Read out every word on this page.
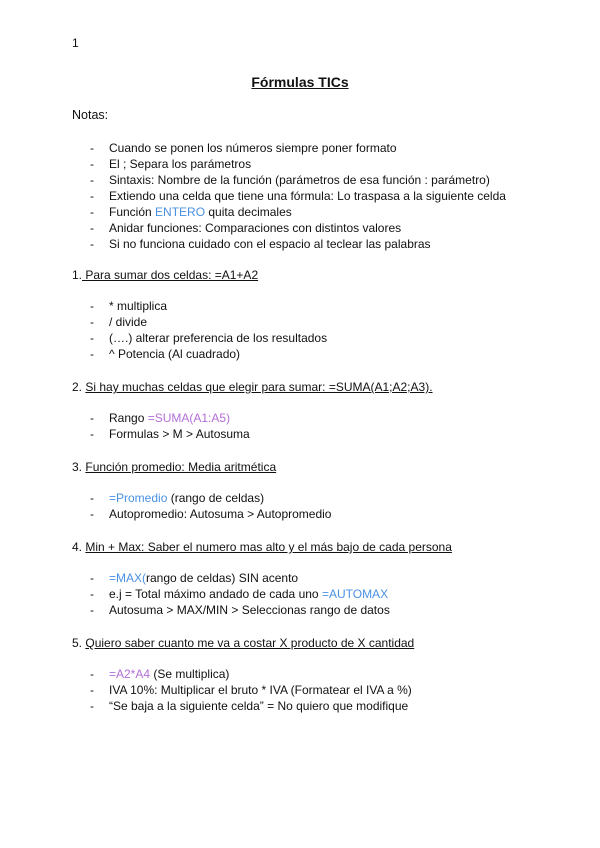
1
Fórmulas TICs
Notas:
- Cuando se ponen los números siempre poner formato
- El ; Separa los parámetros
- Sintaxis: Nombre de la función (parámetros de esa función : parámetro)
- Extiendo una celda que tiene una fórmula: Lo traspasa a la siguiente celda
- Función ENTERO quita decimales
- Anidar funciones: Comparaciones con distintos valores
- Si no funciona cuidado con el espacio al teclear las palabras
1. Para sumar dos celdas: =A1+A2
- * multiplica
- / divide
- (….) alterar preferencia de los resultados
- ^ Potencia (Al cuadrado)
2. Si hay muchas celdas que elegir para sumar: =SUMA(A1;A2;A3).
- Rango =SUMA(A1:A5)
- Formulas > M > Autosuma
3. Función promedio: Media aritmética
- =Promedio (rango de celdas)
- Autopromedio: Autosuma > Autopromedio
4. Min + Max: Saber el numero mas alto y el más bajo de cada persona
- =MAX(rango de celdas) SIN acento
- e.j = Total máximo andado de cada uno =AUTOMAX
- Autosuma > MAX/MIN > Seleccionas rango de datos
5. Quiero saber cuanto me va a costar X producto de X cantidad
- =A2*A4 (Se multiplica)
- IVA 10%: Multiplicar el bruto * IVA (Formatear el IVA a %)
- “Se baja a la siguiente celda” = No quiero que modifique
